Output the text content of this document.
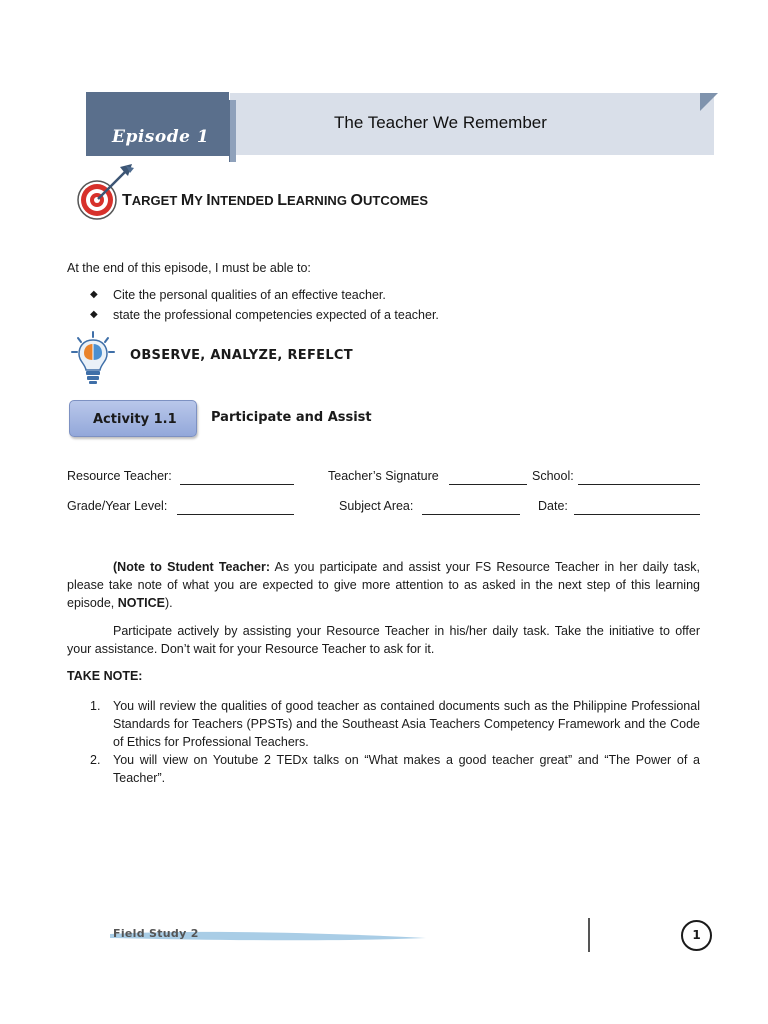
Episode 1
The Teacher We Remember
TARGET MY INTENDED LEARNING OUTCOMES
At the end of this episode, I must be able to:
◆ Cite the personal qualities of an effective teacher.
◆ state the professional competencies expected of a teacher.
OBSERVE, ANALYZE, REFELCT
Activity 1.1	Participate and Assist
Resource Teacher:	Teacher’s Signature	School:
Grade/Year Level:	Subject Area:	Date:

(Note to Student Teacher: As you participate and assist your FS Resource Teacher in her daily task, please take note of what you are expected to give more attention to as asked in the next step of this learning episode, NOTICE).

Participate actively by assisting your Resource Teacher in his/her daily task. Take the initiative to offer your assistance. Don’t wait for your Resource Teacher to ask for it.

TAKE NOTE:
1. You will review the qualities of good teacher as contained documents such as the Philippine Professional Standards for Teachers (PPSTs) and the Southeast Asia Teachers Competency Framework and the Code of Ethics for Professional Teachers.
2. You will view on Youtube 2 TEDx talks on “What makes a good teacher great” and “The Power of a Teacher”.
Field Study 2	1
